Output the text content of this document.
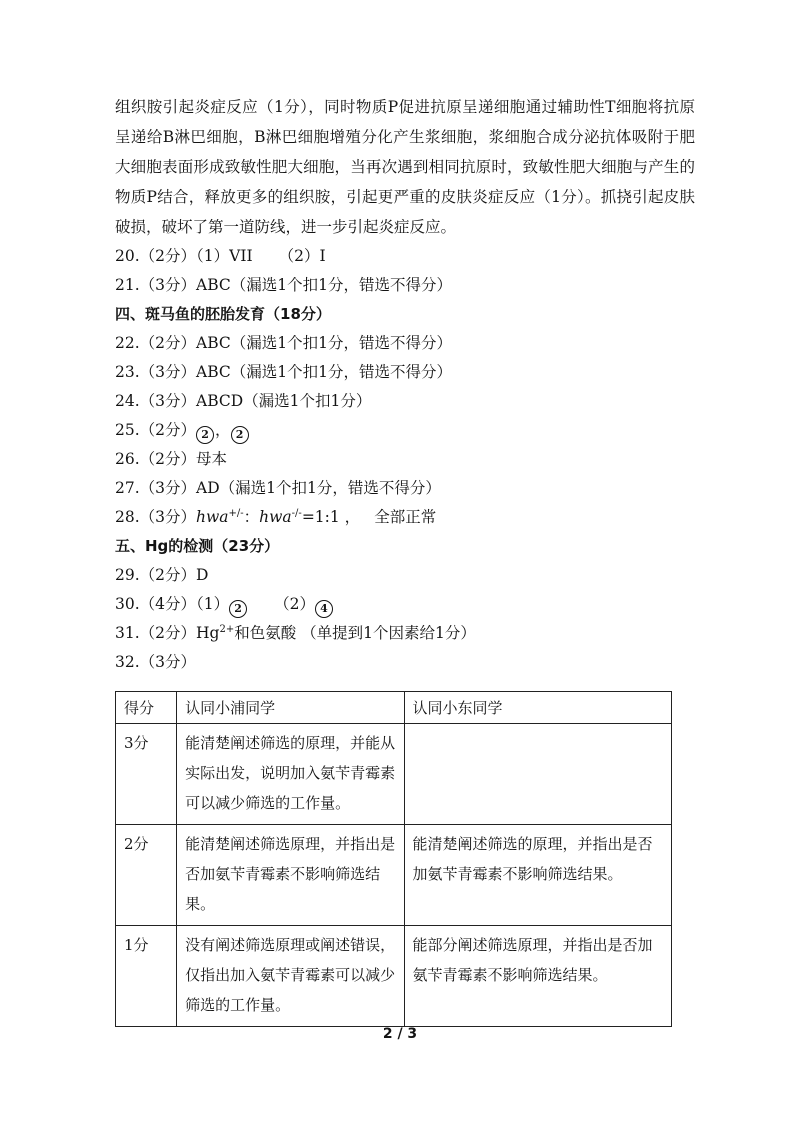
组织胺引起炎症反应（1分），同时物质P促进抗原呈递细胞通过辅助性T细胞将抗原呈递给B淋巴细胞，B淋巴细胞增殖分化产生浆细胞，浆细胞合成分泌抗体吸附于肥大细胞表面形成致敏性肥大细胞，当再次遇到相同抗原时，致敏性肥大细胞与产生的物质P结合，释放更多的组织胺，引起更严重的皮肤炎症反应（1分）。抓挠引起皮肤破损，破坏了第一道防线，进一步引起炎症反应。

20.（2分）（1）VII （2）I

21.（3分）ABC（漏选1个扣1分，错选不得分）

四、斑马鱼的胚胎发育（18分）

22.（2分）ABC（漏选1个扣1分，错选不得分）

23.（3分）ABC（漏选1个扣1分，错选不得分）

24.（3分）ABCD（漏选1个扣1分）

25.（2分） 2 ， 2

26.（2分）母本

27.（3分）AD（漏选1个扣1分，错选不得分）

28.（3分）hwa+/-：hwa-/-=1:1 ， 全部正常

五、Hg的检测（23分）

29.（2分）D

30.（4分）（1） 2 （2） 4

31.（2分）$Hg^{2+}$和色氨酸 （单提到1个因素给1分）

32.（3分）

得分	认同小浦同学	认同小东同学
3分	能清楚阐述筛选的原理，并能从实际出发，说明加入氨苄青霉素可以减少筛选的工作量。	
2分	能清楚阐述筛选原理，并指出是否加氨苄青霉素不影响筛选结果。	能清楚阐述筛选的原理，并指出是否加氨苄青霉素不影响筛选结果。
1分	没有阐述筛选原理或阐述错误，仅指出加入氨苄青霉素可以减少筛选的工作量。	能部分阐述筛选原理，并指出是否加氨苄青霉素不影响筛选结果。
2 / 3
